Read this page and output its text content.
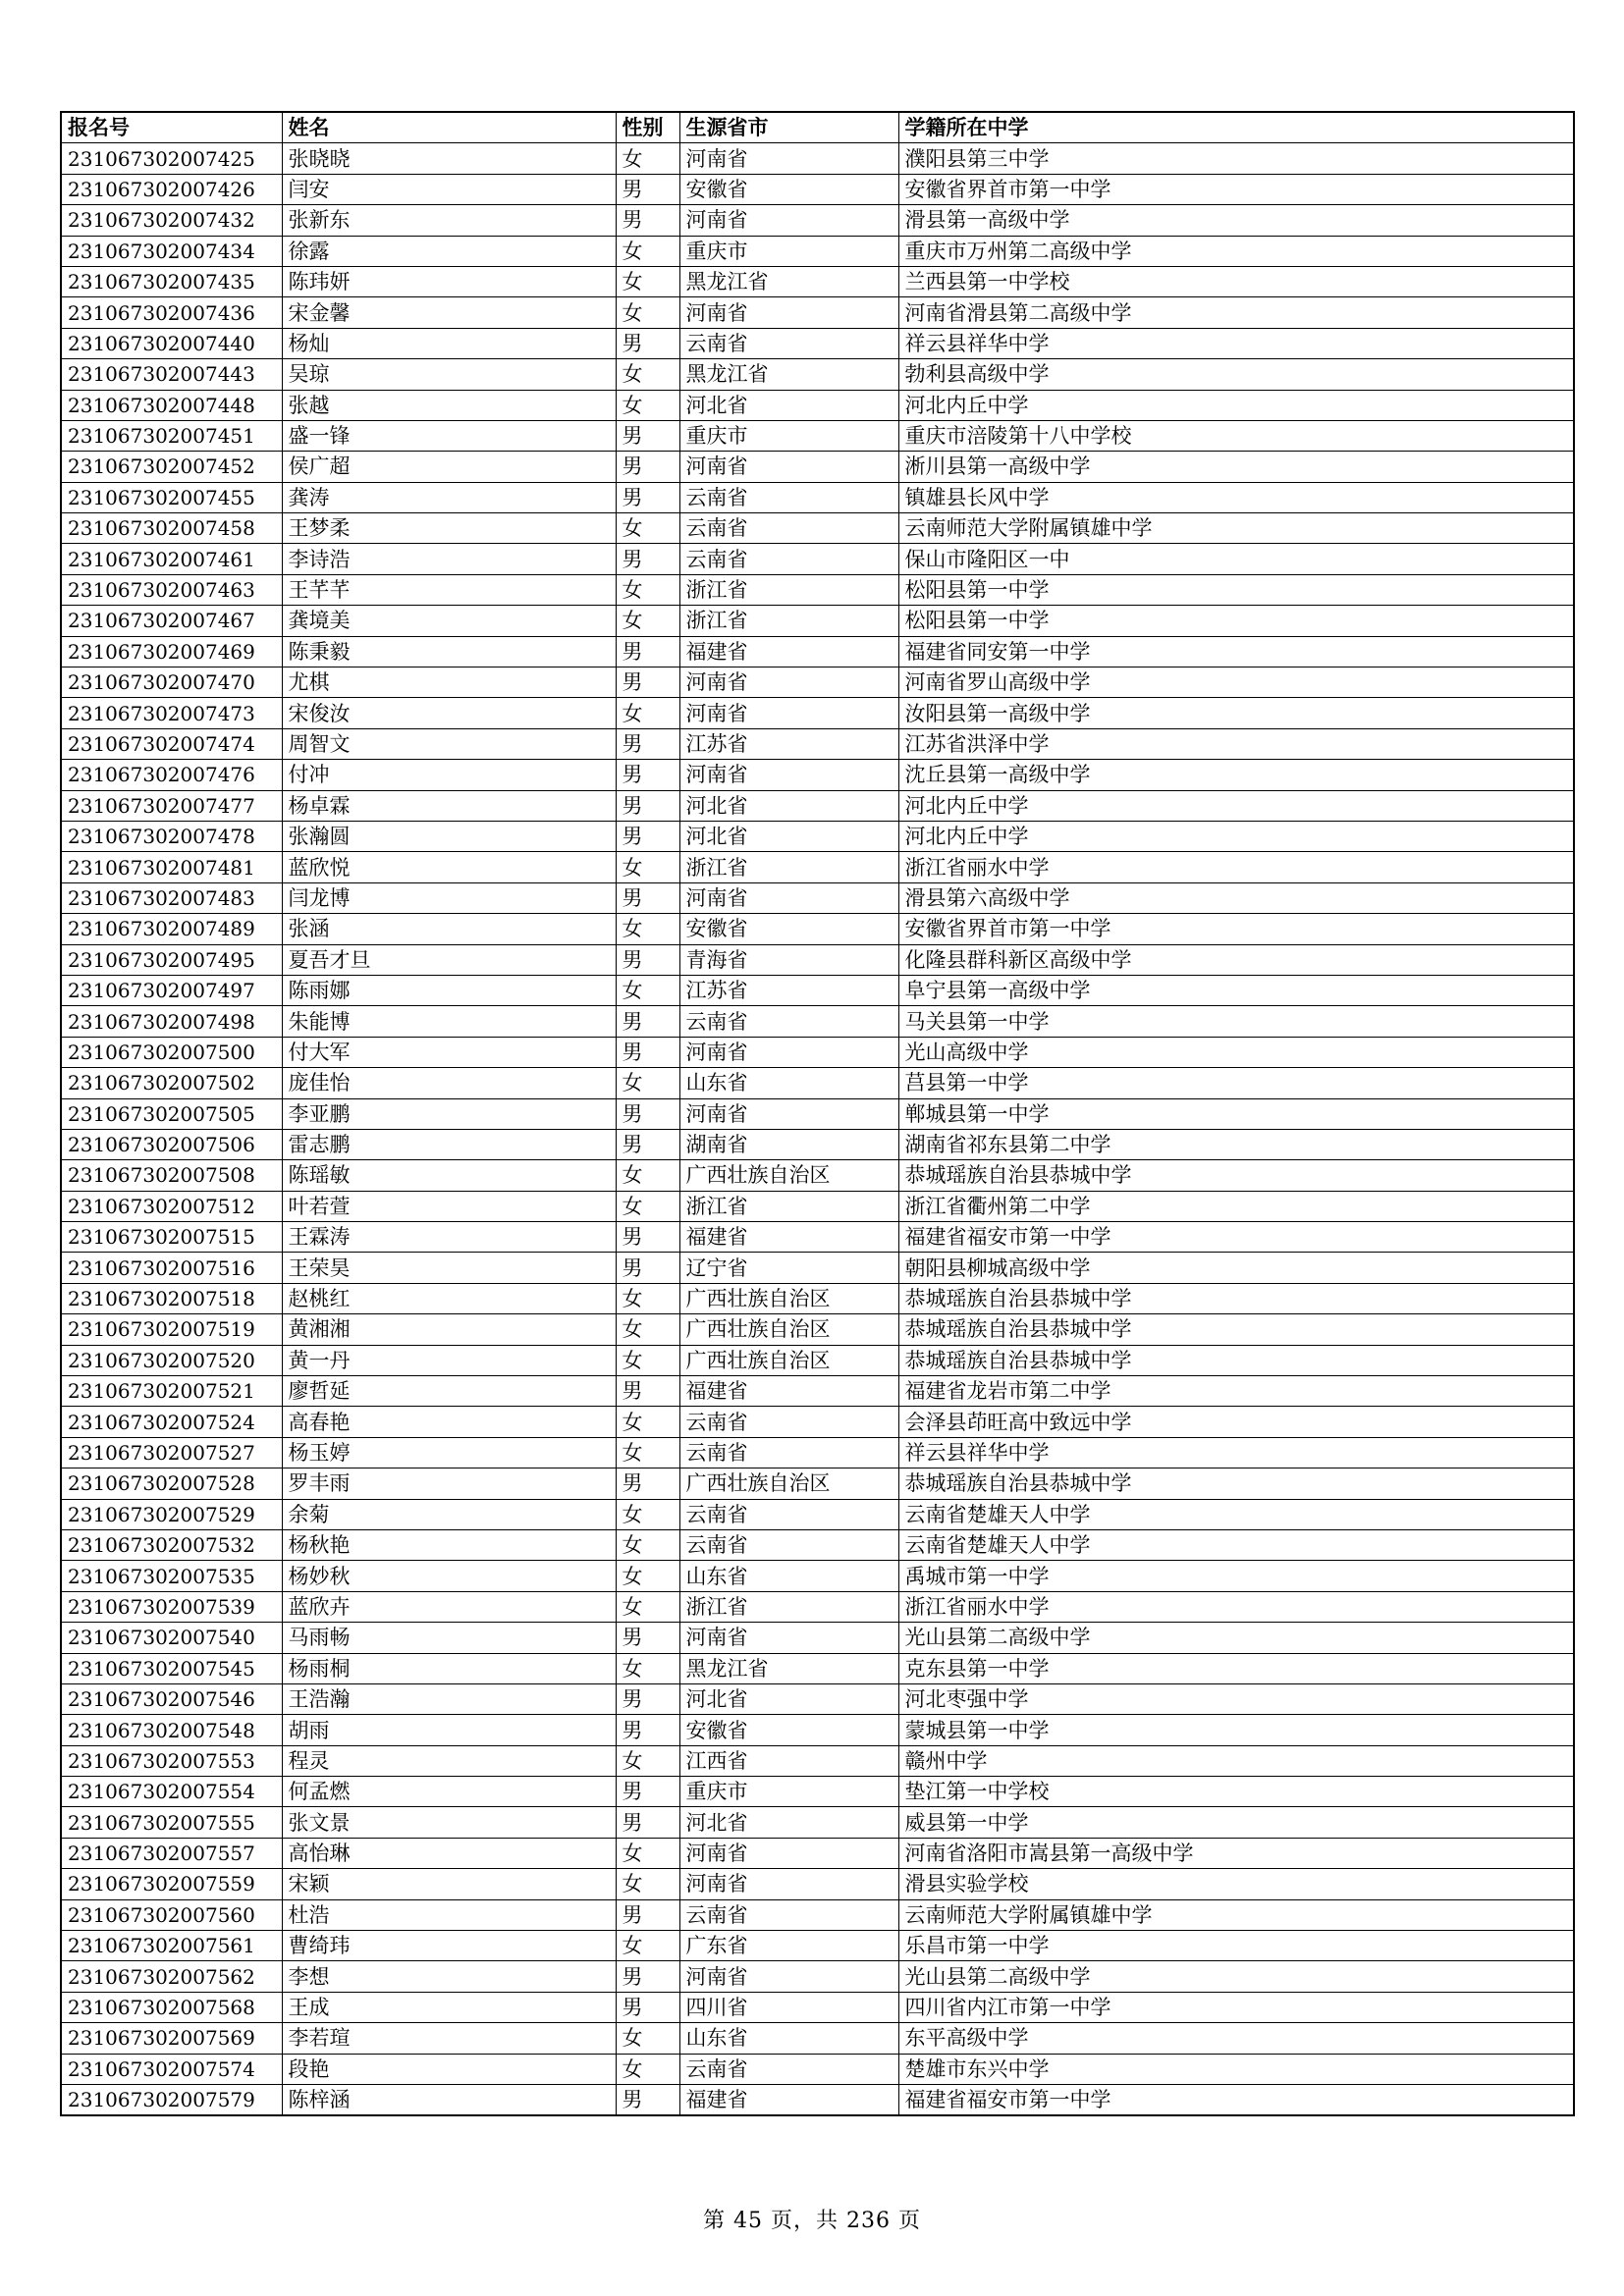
报名号	姓名	性别	生源省市	学籍所在中学
231067302007425	张晓晓	女	河南省	濮阳县第三中学
231067302007426	闫安	男	安徽省	安徽省界首市第一中学
231067302007432	张新东	男	河南省	滑县第一高级中学
231067302007434	徐露	女	重庆市	重庆市万州第二高级中学
231067302007435	陈玮妍	女	黑龙江省	兰西县第一中学校
231067302007436	宋金馨	女	河南省	河南省滑县第二高级中学
231067302007440	杨灿	男	云南省	祥云县祥华中学
231067302007443	吴琼	女	黑龙江省	勃利县高级中学
231067302007448	张越	女	河北省	河北内丘中学
231067302007451	盛一锋	男	重庆市	重庆市涪陵第十八中学校
231067302007452	侯广超	男	河南省	淅川县第一高级中学
231067302007455	龚涛	男	云南省	镇雄县长风中学
231067302007458	王梦柔	女	云南省	云南师范大学附属镇雄中学
231067302007461	李诗浩	男	云南省	保山市隆阳区一中
231067302007463	王芊芊	女	浙江省	松阳县第一中学
231067302007467	龚境美	女	浙江省	松阳县第一中学
231067302007469	陈秉毅	男	福建省	福建省同安第一中学
231067302007470	尤棋	男	河南省	河南省罗山高级中学
231067302007473	宋俊汝	女	河南省	汝阳县第一高级中学
231067302007474	周智文	男	江苏省	江苏省洪泽中学
231067302007476	付冲	男	河南省	沈丘县第一高级中学
231067302007477	杨卓霖	男	河北省	河北内丘中学
231067302007478	张瀚圆	男	河北省	河北内丘中学
231067302007481	蓝欣悦	女	浙江省	浙江省丽水中学
231067302007483	闫龙博	男	河南省	滑县第六高级中学
231067302007489	张涵	女	安徽省	安徽省界首市第一中学
231067302007495	夏吾才旦	男	青海省	化隆县群科新区高级中学
231067302007497	陈雨娜	女	江苏省	阜宁县第一高级中学
231067302007498	朱能博	男	云南省	马关县第一中学
231067302007500	付大军	男	河南省	光山高级中学
231067302007502	庞佳怡	女	山东省	莒县第一中学
231067302007505	李亚鹏	男	河南省	郸城县第一中学
231067302007506	雷志鹏	男	湖南省	湖南省祁东县第二中学
231067302007508	陈瑶敏	女	广西壮族自治区	恭城瑶族自治县恭城中学
231067302007512	叶若萱	女	浙江省	浙江省衢州第二中学
231067302007515	王霖涛	男	福建省	福建省福安市第一中学
231067302007516	王荣昊	男	辽宁省	朝阳县柳城高级中学
231067302007518	赵桃红	女	广西壮族自治区	恭城瑶族自治县恭城中学
231067302007519	黄湘湘	女	广西壮族自治区	恭城瑶族自治县恭城中学
231067302007520	黄一丹	女	广西壮族自治区	恭城瑶族自治县恭城中学
231067302007521	廖哲延	男	福建省	福建省龙岩市第二中学
231067302007524	高春艳	女	云南省	会泽县茚旺高中致远中学
231067302007527	杨玉婷	女	云南省	祥云县祥华中学
231067302007528	罗丰雨	男	广西壮族自治区	恭城瑶族自治县恭城中学
231067302007529	余菊	女	云南省	云南省楚雄天人中学
231067302007532	杨秋艳	女	云南省	云南省楚雄天人中学
231067302007535	杨妙秋	女	山东省	禹城市第一中学
231067302007539	蓝欣卉	女	浙江省	浙江省丽水中学
231067302007540	马雨畅	男	河南省	光山县第二高级中学
231067302007545	杨雨桐	女	黑龙江省	克东县第一中学
231067302007546	王浩瀚	男	河北省	河北枣强中学
231067302007548	胡雨	男	安徽省	蒙城县第一中学
231067302007553	程灵	女	江西省	赣州中学
231067302007554	何孟燃	男	重庆市	垫江第一中学校
231067302007555	张文景	男	河北省	威县第一中学
231067302007557	高怡琳	女	河南省	河南省洛阳市嵩县第一高级中学
231067302007559	宋颖	女	河南省	滑县实验学校
231067302007560	杜浩	男	云南省	云南师范大学附属镇雄中学
231067302007561	曹绮玮	女	广东省	乐昌市第一中学
231067302007562	李想	男	河南省	光山县第二高级中学
231067302007568	王成	男	四川省	四川省内江市第一中学
231067302007569	李若瑄	女	山东省	东平高级中学
231067302007574	段艳	女	云南省	楚雄市东兴中学
231067302007579	陈梓涵	男	福建省	福建省福安市第一中学
第 45 页，共 236 页
